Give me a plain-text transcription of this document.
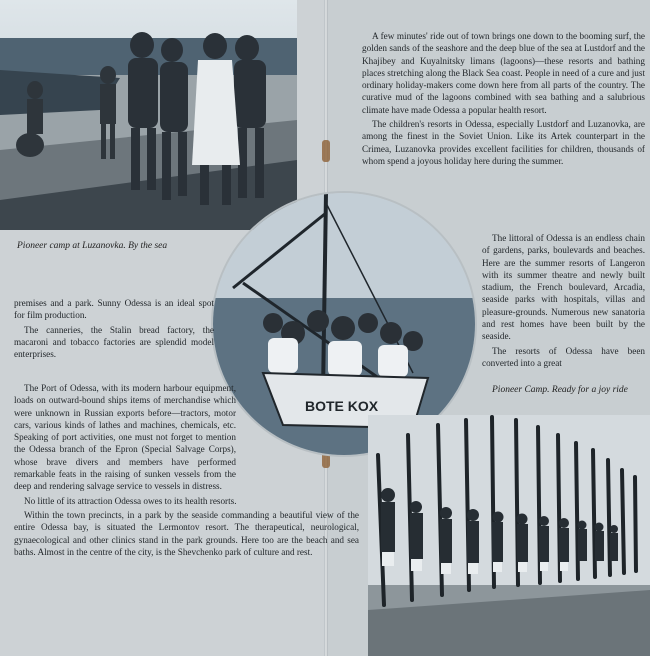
Pioneer camp at Luzanovka. By the sea

A few minutes' ride out of town brings one down to the booming surf, the golden sands of the seashore and the deep blue of the sea at Lustdorf and the Khajibey and Kuyalnitsky limans (lagoons)—these resorts and bathing places stretching along the Black Sea coast. People in need of a cure and just ordinary holiday-makers come down here from all parts of the country. The curative mud of the lagoons combined with sea bathing and a salubrious climate have made Odessa a popular health resort.

The children's resorts in Odessa, especially Lustdorf and Luzanovka, are among the finest in the Soviet Union. Like its Artek counterpart in the Crimea, Luzanovka provides excellent facilities for children, thousands of whom spend a joyous holiday here during the summer.

The littoral of Odessa is an endless chain of gardens, parks, boulevards and beaches. Here are the summer resorts of Langeron with its summer theatre and newly built stadium, the French boulevard, Arcadia, seaside parks with hospitals, villas and pleasure-grounds. Numerous new sanatoria and rest homes have been built by the seaside.

The resorts of Odessa have been converted into a great

BOTE KOX
Pioneer Camp. Ready for a joy ride

premises and a park. Sunny Odessa is an ideal spot for film production.

The canneries, the Stalin bread factory, the macaroni and tobacco factories are splendid model enterprises.

The Port of Odessa, with its modern harbour equipment, loads on outward-bound ships items of merchandise which were unknown in Russian exports before—tractors, motor cars, various kinds of lathes and machines, chemicals, etc. Speaking of port activities, one must not forget to mention the Odessa branch of the Epron (Special Salvage Corps), whose brave divers and members have performed remarkable feats in the raising of sunken vessels from the deep and rendering salvage service to vessels in distress.

No little of its attraction Odessa owes to its health resorts.

Within the town precincts, in a park by the seaside commanding a beautiful view of the entire Odessa bay, is situated the Lermontov resort. The therapeutical, neurological, gynaecological and other clinics stand in the park grounds. Here too are the beach and sea baths. Almost in the centre of the city, is the Shevchenko park of culture and rest.
